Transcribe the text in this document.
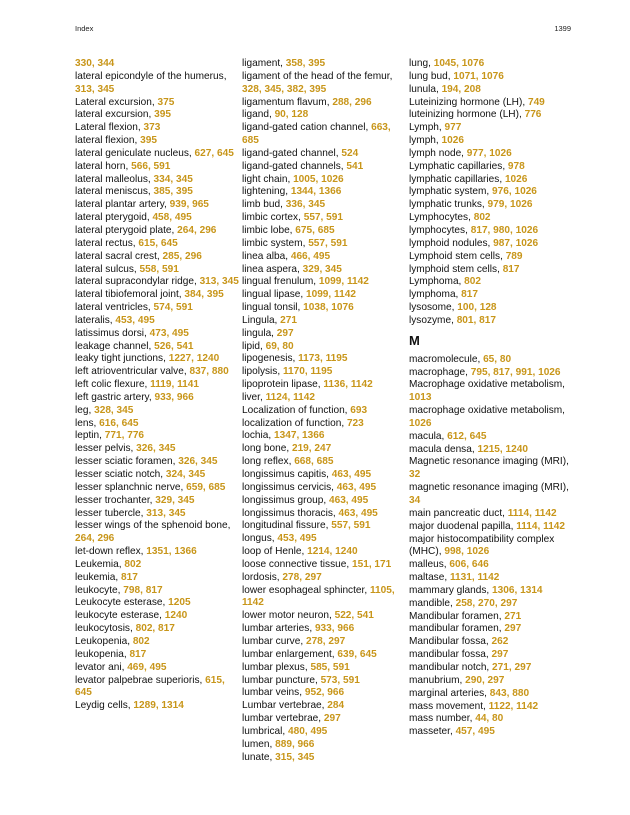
Index	1399
330, 344
lateral epicondyle of the humerus, 313, 345
Lateral excursion, 375
lateral excursion, 395
Lateral flexion, 373
lateral flexion, 395
lateral geniculate nucleus, 627, 645
lateral horn, 566, 591
lateral malleolus, 334, 345
lateral meniscus, 385, 395
lateral plantar artery, 939, 965
lateral pterygoid, 458, 495
lateral pterygoid plate, 264, 296
lateral rectus, 615, 645
lateral sacral crest, 285, 296
lateral sulcus, 558, 591
lateral supracondylar ridge, 313, 345
lateral tibiofemoral joint, 384, 395
lateral ventricles, 574, 591
lateralis, 453, 495
latissimus dorsi, 473, 495
leakage channel, 526, 541
leaky tight junctions, 1227, 1240
left atrioventricular valve, 837, 880
left colic flexure, 1119, 1141
left gastric artery, 933, 966
leg, 328, 345
lens, 616, 645
leptin, 771, 776
lesser pelvis, 326, 345
lesser sciatic foramen, 326, 345
lesser sciatic notch, 324, 345
lesser splanchnic nerve, 659, 685
lesser trochanter, 329, 345
lesser tubercle, 313, 345
lesser wings of the sphenoid bone, 264, 296
let-down reflex, 1351, 1366
Leukemia, 802
leukemia, 817
leukocyte, 798, 817
Leukocyte esterase, 1205
leukocyte esterase, 1240
leukocytosis, 802, 817
Leukopenia, 802
leukopenia, 817
levator ani, 469, 495
levator palpebrae superioris, 615, 645
Leydig cells, 1289, 1314
ligament, 358, 395
ligament of the head of the femur, 328, 345, 382, 395
ligamentum flavum, 288, 296
ligand, 90, 128
ligand-gated cation channel, 663, 685
ligand-gated channel, 524
ligand-gated channels, 541
light chain, 1005, 1026
lightening, 1344, 1366
limb bud, 336, 345
limbic cortex, 557, 591
limbic lobe, 675, 685
limbic system, 557, 591
linea alba, 466, 495
linea aspera, 329, 345
lingual frenulum, 1099, 1142
lingual lipase, 1099, 1142
lingual tonsil, 1038, 1076
Lingula, 271
lingula, 297
lipid, 69, 80
lipogenesis, 1173, 1195
lipolysis, 1170, 1195
lipoprotein lipase, 1136, 1142
liver, 1124, 1142
Localization of function, 693
localization of function, 723
lochia, 1347, 1366
long bone, 219, 247
long reflex, 668, 685
longissimus capitis, 463, 495
longissimus cervicis, 463, 495
longissimus group, 463, 495
longissimus thoracis, 463, 495
longitudinal fissure, 557, 591
longus, 453, 495
loop of Henle, 1214, 1240
loose connective tissue, 151, 171
lordosis, 278, 297
lower esophageal sphincter, 1105, 1142
lower motor neuron, 522, 541
lumbar arteries, 933, 966
lumbar curve, 278, 297
lumbar enlargement, 639, 645
lumbar plexus, 585, 591
lumbar puncture, 573, 591
lumbar veins, 952, 966
Lumbar vertebrae, 284
lumbar vertebrae, 297
lumbrical, 480, 495
lumen, 889, 966
lunate, 315, 345
lung, 1045, 1076
lung bud, 1071, 1076
lunula, 194, 208
Luteinizing hormone (LH), 749
luteinizing hormone (LH), 776
Lymph, 977
lymph, 1026
lymph node, 977, 1026
Lymphatic capillaries, 978
lymphatic capillaries, 1026
lymphatic system, 976, 1026
lymphatic trunks, 979, 1026
Lymphocytes, 802
lymphocytes, 817, 980, 1026
lymphoid nodules, 987, 1026
Lymphoid stem cells, 789
lymphoid stem cells, 817
Lymphoma, 802
lymphoma, 817
lysosome, 100, 128
lysozyme, 801, 817
M
macromolecule, 65, 80
macrophage, 795, 817, 991, 1026
Macrophage oxidative metabolism, 1013
macrophage oxidative metabolism, 1026
macula, 612, 645
macula densa, 1215, 1240
Magnetic resonance imaging (MRI), 32
magnetic resonance imaging (MRI), 34
main pancreatic duct, 1114, 1142
major duodenal papilla, 1114, 1142
major histocompatibility complex (MHC), 998, 1026
malleus, 606, 646
maltase, 1131, 1142
mammary glands, 1306, 1314
mandible, 258, 270, 297
Mandibular foramen, 271
mandibular foramen, 297
Mandibular fossa, 262
mandibular fossa, 297
mandibular notch, 271, 297
manubrium, 290, 297
marginal arteries, 843, 880
mass movement, 1122, 1142
mass number, 44, 80
masseter, 457, 495
